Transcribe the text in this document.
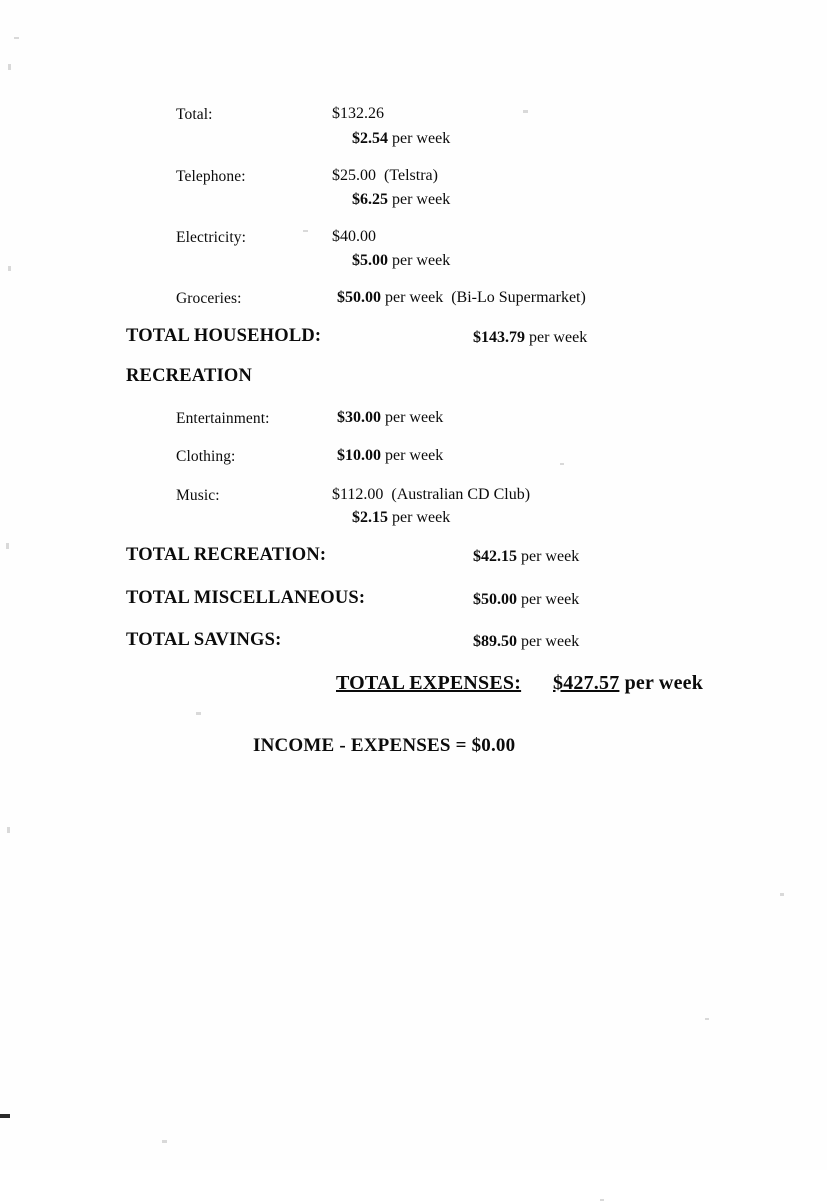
Total:	$132.26
$2.54 per week
Telephone:	$25.00  (Telstra)
$6.25 per week
Electricity:	$40.00
$5.00 per week
Groceries:	$50.00 per week  (Bi-Lo Supermarket)
TOTAL HOUSEHOLD:	$143.79 per week
RECREATION
Entertainment:	$30.00 per week
Clothing:	$10.00 per week
Music:	$112.00  (Australian CD Club)
$2.15 per week
TOTAL RECREATION:	$42.15 per week
TOTAL MISCELLANEOUS:	$50.00 per week
TOTAL SAVINGS:	$89.50 per week
TOTAL EXPENSES: $427.57 per week
INCOME - EXPENSES = $0.00
